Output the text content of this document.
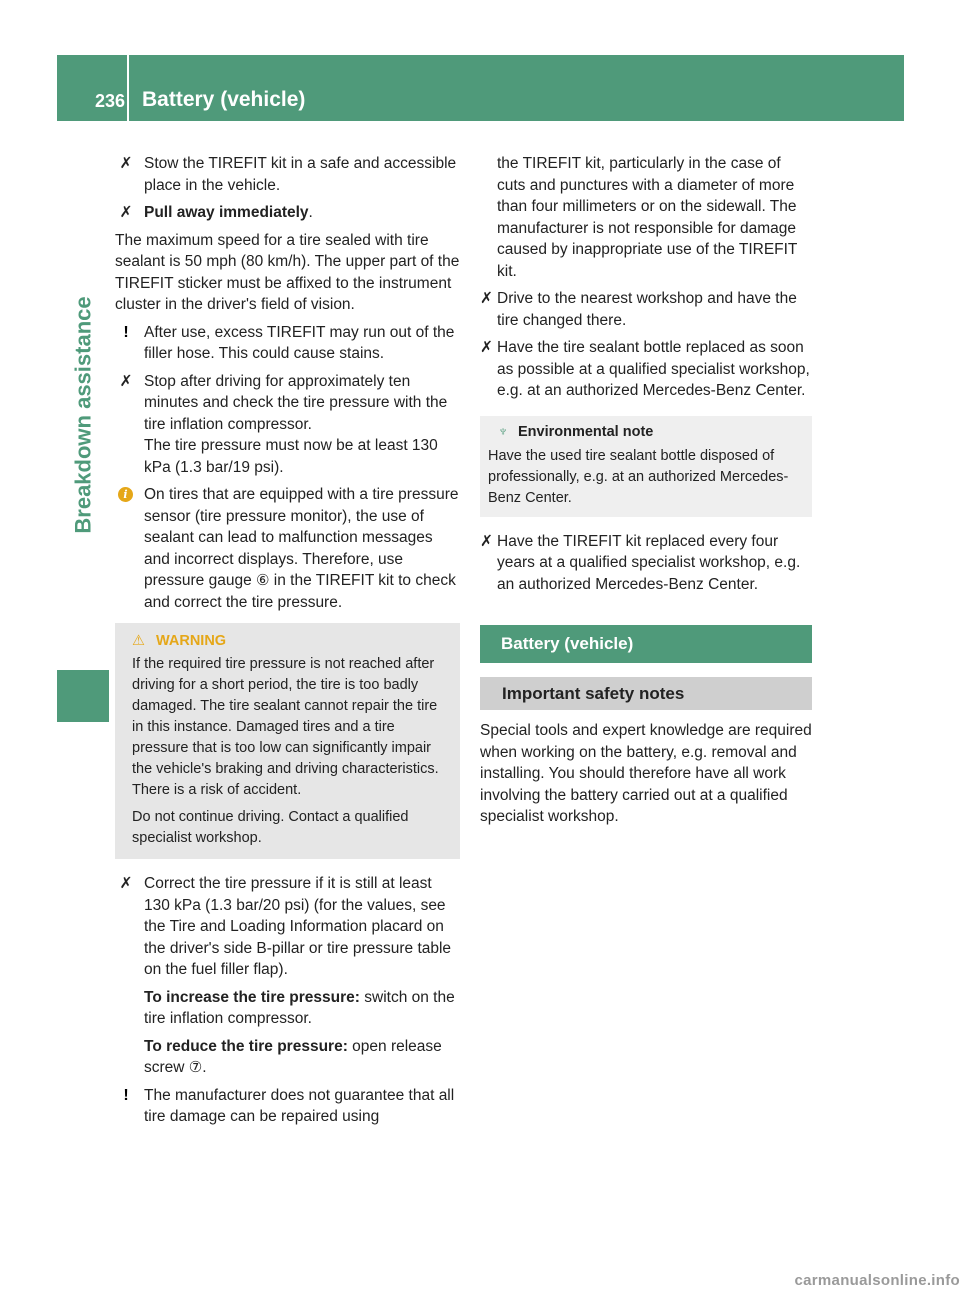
236 Battery (vehicle)
Breakdown assistance
✗ Stow the TIREFIT kit in a safe and accessible place in the vehicle.
✗ Pull away immediately.

The maximum speed for a tire sealed with tire sealant is 50 mph (80 km/h). The upper part of the TIREFIT sticker must be affixed to the instrument cluster in the driver's field of vision.

! After use, excess TIREFIT may run out of the filler hose. This could cause stains.
✗ Stop after driving for approximately ten minutes and check the tire pressure with the tire inflation compressor.
The tire pressure must now be at least 130 kPa (1.3 bar/19 psi).
i	On tires that are equipped with a tire pressure sensor (tire pressure monitor), the use of sealant can lead to malfunction messages and incorrect displays. Therefore, use pressure gauge ⑥ in the TIREFIT kit to check and correct the tire pressure.
⚠ WARNING

If the required tire pressure is not reached after driving for a short period, the tire is too badly damaged. The tire sealant cannot repair the tire in this instance. Damaged tires and a tire pressure that is too low can significantly impair the vehicle's braking and driving characteristics. There is a risk of accident.

Do not continue driving. Contact a qualified specialist workshop.

✗ Correct the tire pressure if it is still at least 130 kPa (1.3 bar/20 psi) (for the values, see the Tire and Loading Information placard on the driver's side B-pillar or tire pressure table on the fuel filler flap).
To increase the tire pressure: switch on the tire inflation compressor.
To reduce the tire pressure: open release screw ⑦.
! The manufacturer does not guarantee that all tire damage can be repaired using

the TIREFIT kit, particularly in the case of cuts and punctures with a diameter of more than four millimeters or on the sidewall. The manufacturer is not responsible for damage caused by inappropriate use of the TIREFIT kit.

✗ Drive to the nearest workshop and have the tire changed there.
✗ Have the tire sealant bottle replaced as soon as possible at a qualified specialist workshop, e.g. at an authorized Mercedes-Benz Center.
♆ Environmental note

Have the used tire sealant bottle disposed of professionally, e.g. at an authorized Mercedes-Benz Center.

✗ Have the TIREFIT kit replaced every four years at a qualified specialist workshop, e.g. an authorized Mercedes-Benz Center.
Battery (vehicle)
Important safety notes

Special tools and expert knowledge are required when working on the battery, e.g. removal and installing. You should therefore have all work involving the battery carried out at a qualified specialist workshop.

carmanualsonline.info
